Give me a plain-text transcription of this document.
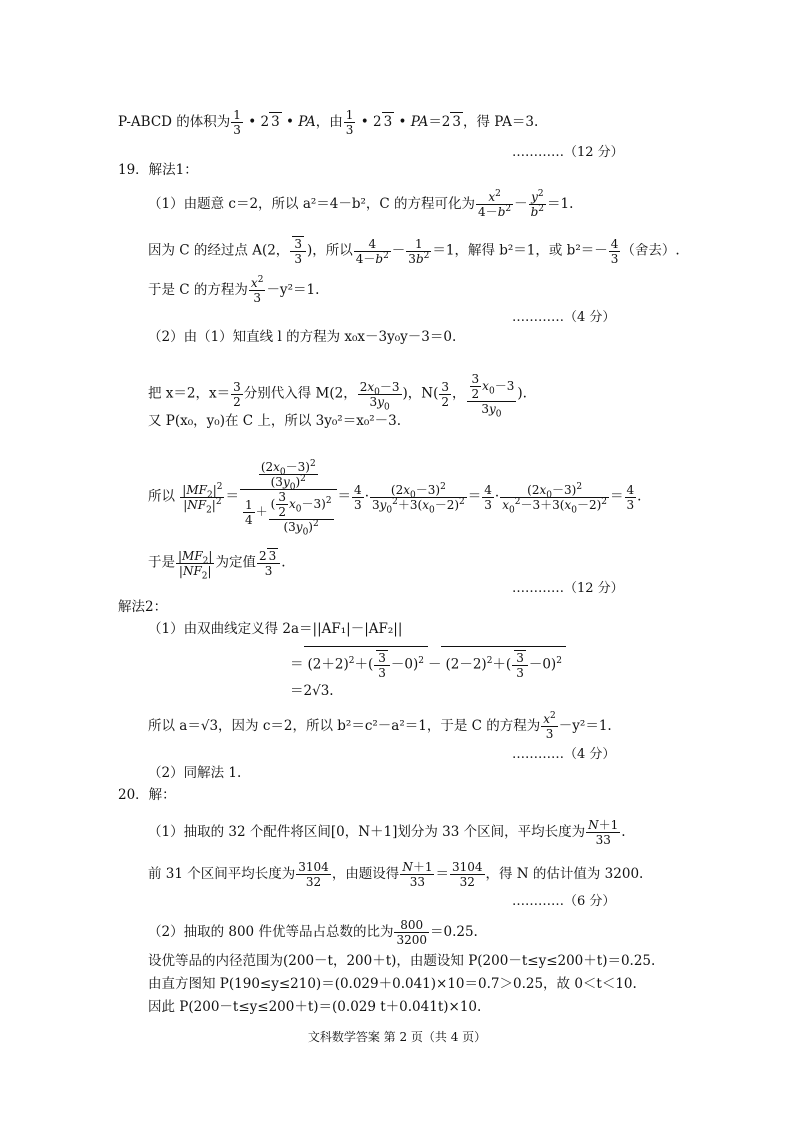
P-ABCD 的体积为 $\frac{1}{3}$ • 2 3 • PA，由 $\frac{1}{3}$ • 2 3 • PA＝2 3 ，得 PA＝3.
…………（12 分）
19．解法1：
（1）由题意 c＝2，所以 a²＝4－b²，C 的方程可化为 $\frac{x^2}{4-b^2} - \frac{y^2}{b^2} =1$.
因为 C 的经过点 A(2， $\frac{3}{3}$ )，所以 $\frac{4}{4-b^2} - \frac{1}{3b^2} =1$，解得 b²＝1，或 $b^2=- \frac{4}{3}$ （舍去）.
于是 C 的方程为 $\frac{x^2}{3} -y^2=1$.
…………（4 分）
（2）由（1）知直线 l 的方程为 x₀x－3y₀y－3＝0.
把 x＝2，$x= \frac{3}{2}$ 分别代入得 M(2， $\frac{2x_0-3}{3y_0}$ )，$N( \frac{3}{2}$ ， $\frac{\frac{3}{2} x_0-3}{3y_0}$ ).
又 P(x₀，y₀)在 C 上，所以 3y₀²＝x₀²－3.
所以 $\frac{|MF_2|^2}{|NF_2|^2} = \frac{\frac{(2x_0-3)^2}{(3y_0)^2}}{\frac{1}{4} + \frac{( \frac{3}{2} x_0-3)^2}{(3y_0)^2}} = \frac{4}{3} \cdot \frac{(2x_0-3)^2}{3y_0^2+3(x_0-2)^2} = \frac{4}{3} \cdot \frac{(2x_0-3)^2}{x_0^2-3+3(x_0-2)^2} = \frac{4}{3}$ .
于是 $\frac{|MF_2|}{|NF_2|}$ 为定值 $\frac{2 3}{3}$ .
…………（12 分）
解法2：
（1）由双曲线定义得 2a＝||AF₁|－|AF₂||
＝ $(2+2)^2+( \frac{3}{3} -0)^2 - (2-2)^2+( \frac{3}{3} -0)^2$
＝2√3.
所以 a＝√3，因为 c＝2，所以 b²＝c²－a²＝1，于是 C 的方程为 $\frac{x^2}{3} -y^2=1$.
…………（4 分）
（2）同解法 1.
20．解：
（1）抽取的 32 个配件将区间[0，N＋1]划分为 33 个区间，平均长度为 $\frac{N+1}{33}$ .
前 31 个区间平均长度为 $\frac{3104}{32}$ ，由题设得 $\frac{N+1}{33} = \frac{3104}{32}$ ，得 N 的估计值为 3200.
…………（6 分）
（2）抽取的 800 件优等品占总数的比为 $\frac{800}{3200} =0.25$.
设优等品的内径范围为(200－t，200＋t)，由题设知 P(200－t≤y≤200＋t)＝0.25.
由直方图知 P(190≤y≤210)＝(0.029＋0.041)×10＝0.7＞0.25，故 0＜t＜10.
因此 P(200－t≤y≤200＋t)＝(0.029 t＋0.041t)×10.
文科数学答案 第 2 页（共 4 页）
